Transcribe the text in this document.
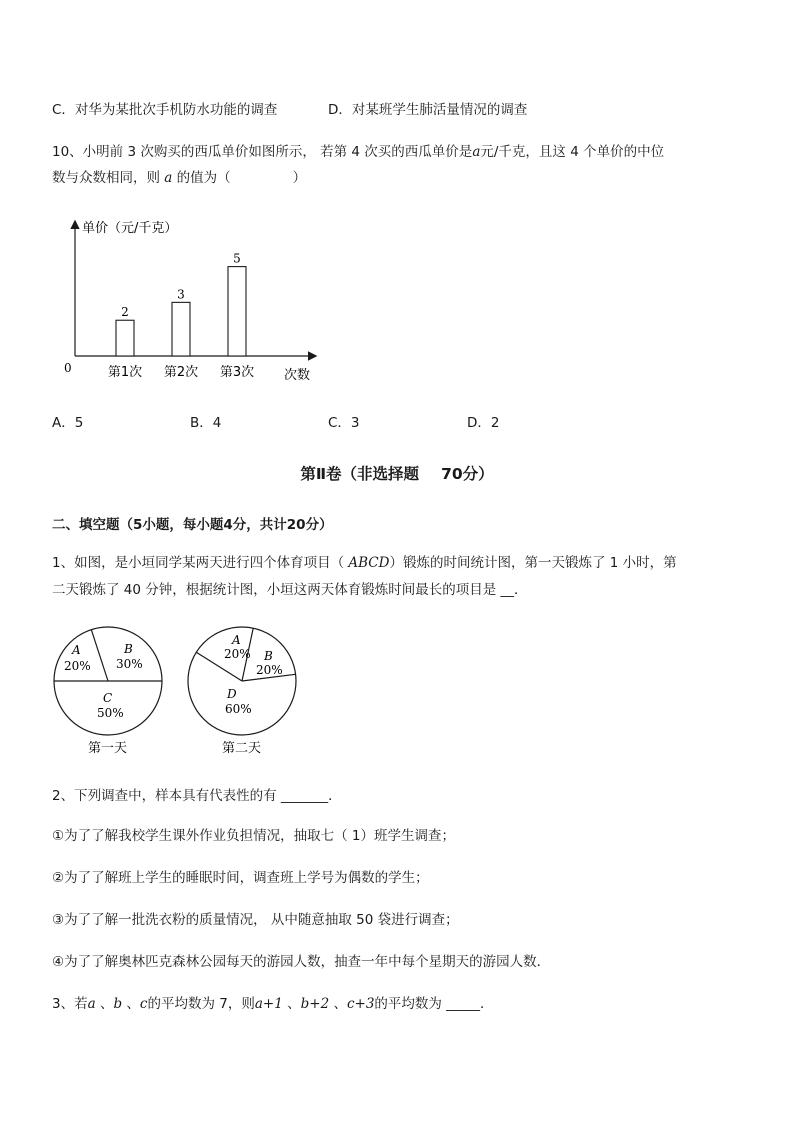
C．对华为某批次手机防水功能的调查	D．对某班学生肺活量情况的调查
10、小明前 3 次购买的西瓜单价如图所示， 若第 4 次买的西瓜单价是a元/千克，且这 4 个单价的中位
数与众数相同，则 a 的值为（	）
单价（元/千克）
0	次数
2
第1次
3
第2次
5
第3次
A．5	B．4	C．3	D．2
第Ⅱ卷（非选择题 70分）
二、填空题（5小题，每小题4分，共计20分）
1、如图，是小垣同学某两天进行四个体育项目（ ABCD）锻炼的时间统计图，第一天锻炼了 1 小时，第
二天锻炼了 40 分钟，根据统计图，小垣这两天体育锻炼时间最长的项目是 __．
A
20%
B
30%
C
50%
第一天
A
20% B
20%
D
60%
第二天
2、下列调查中，样本具有代表性的有 _______．
①为了了解我校学生课外作业负担情况，抽取七（ 1）班学生调查；
②为了了解班上学生的睡眠时间，调查班上学号为偶数的学生；
③为了了解一批洗衣粉的质量情况， 从中随意抽取 50 袋进行调查；
④为了了解奥林匹克森林公园每天的游园人数，抽查一年中每个星期天的游园人数．
3、若a 、b 、c的平均数为 7，则a+1 、b+2 、c+3的平均数为 _____．
